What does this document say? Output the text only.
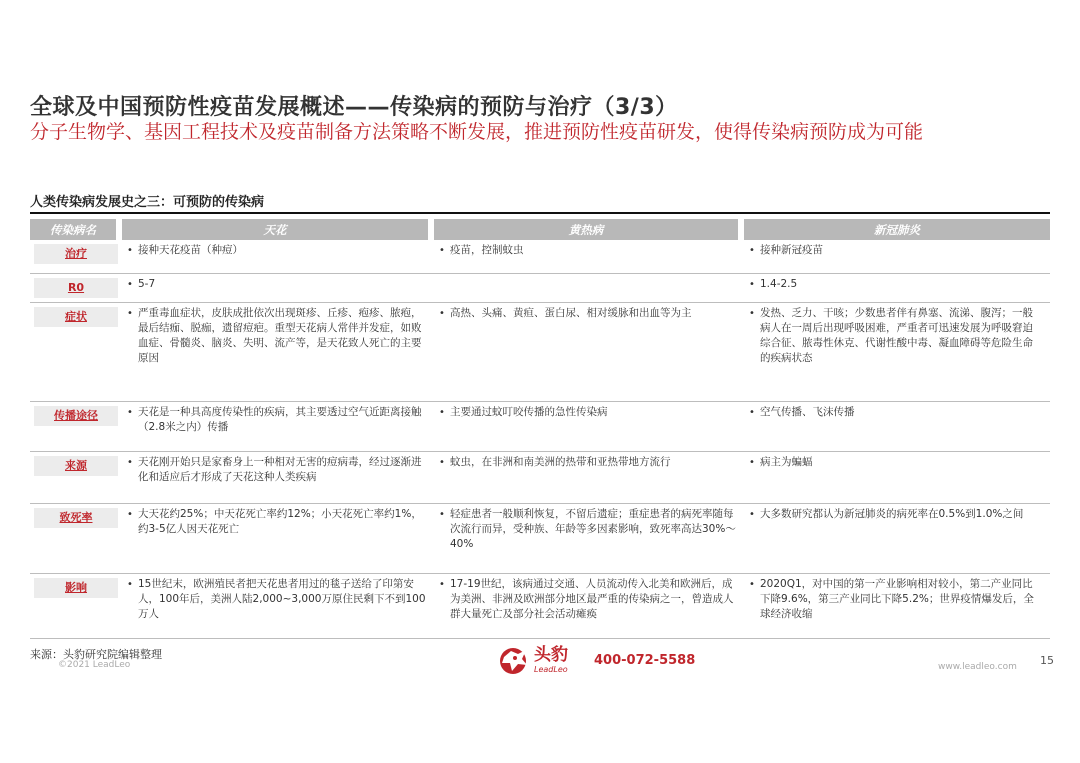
全球及中国预防性疫苗发展概述——传染病的预防与治疗（3/3）
分子生物学、基因工程技术及疫苗制备方法策略不断发展，推进预防性疫苗研发，使得传染病预防成为可能
人类传染病发展史之三：可预防的传染病
传染病名	天花	黄热病	新冠肺炎

治疗	• 接种天花疫苗（种痘）	• 疫苗，控制蚊虫	• 接种新冠疫苗

R0	• 5-7		• 1.4-2.5

症状	• 严重毒血症状，皮肤成批依次出现斑疹、丘疹、疱疹、脓疱，最后结痂、脱痂，遗留痘疤。重型天花病人常伴并发症，如败血症、骨髓炎、脑炎、失明、流产等，是天花致人死亡的主要原因	• 高热、头痛、黄疸、蛋白尿、相对缓脉和出血等为主	• 发热、乏力、干咳；少数患者伴有鼻塞、流涕、腹泻；一般病人在一周后出现呼吸困难，严重者可迅速发展为呼吸窘迫综合征、脓毒性休克、代谢性酸中毒、凝血障碍等危险生命的疾病状态

传播途径	• 天花是一种具高度传染性的疾病，其主要透过空气近距离接触（2.8米之内）传播	• 主要通过蚊叮咬传播的急性传染病	• 空气传播、飞沫传播

来源	• 天花刚开始只是家畜身上一种相对无害的痘病毒，经过逐渐进化和适应后才形成了天花这种人类疾病	• 蚊虫，在非洲和南美洲的热带和亚热带地方流行	• 病主为蝙蝠

致死率	• 大天花约25%；中天花死亡率约12%；小天花死亡率约1%，约3-5亿人因天花死亡	• 轻症患者一般顺利恢复，不留后遗症；重症患者的病死率随每次流行而异，受种族、年龄等多因素影响，致死率高达30%～40%	• 大多数研究都认为新冠肺炎的病死率在0.5%到1.0%之间

影响	• 15世纪末，欧洲殖民者把天花患者用过的毯子送给了印第安人，100年后，美洲人陆2,000~3,000万原住民剩下不到100万人	• 17-19世纪，该病通过交通、人员流动传入北美和欧洲后，成为美洲、非洲及欧洲部分地区最严重的传染病之一，曾造成人群大量死亡及部分社会活动瘫痪	• 2020Q1，对中国的第一产业影响相对较小，第二产业同比下降9.6%，第三产业同比下降5.2%；世界疫情爆发后，全球经济收缩
来源：头豹研究院编辑整理
©2021 LeadLeo	头豹
LeadLeo
400-072-5588	www.leadleo.com 15
